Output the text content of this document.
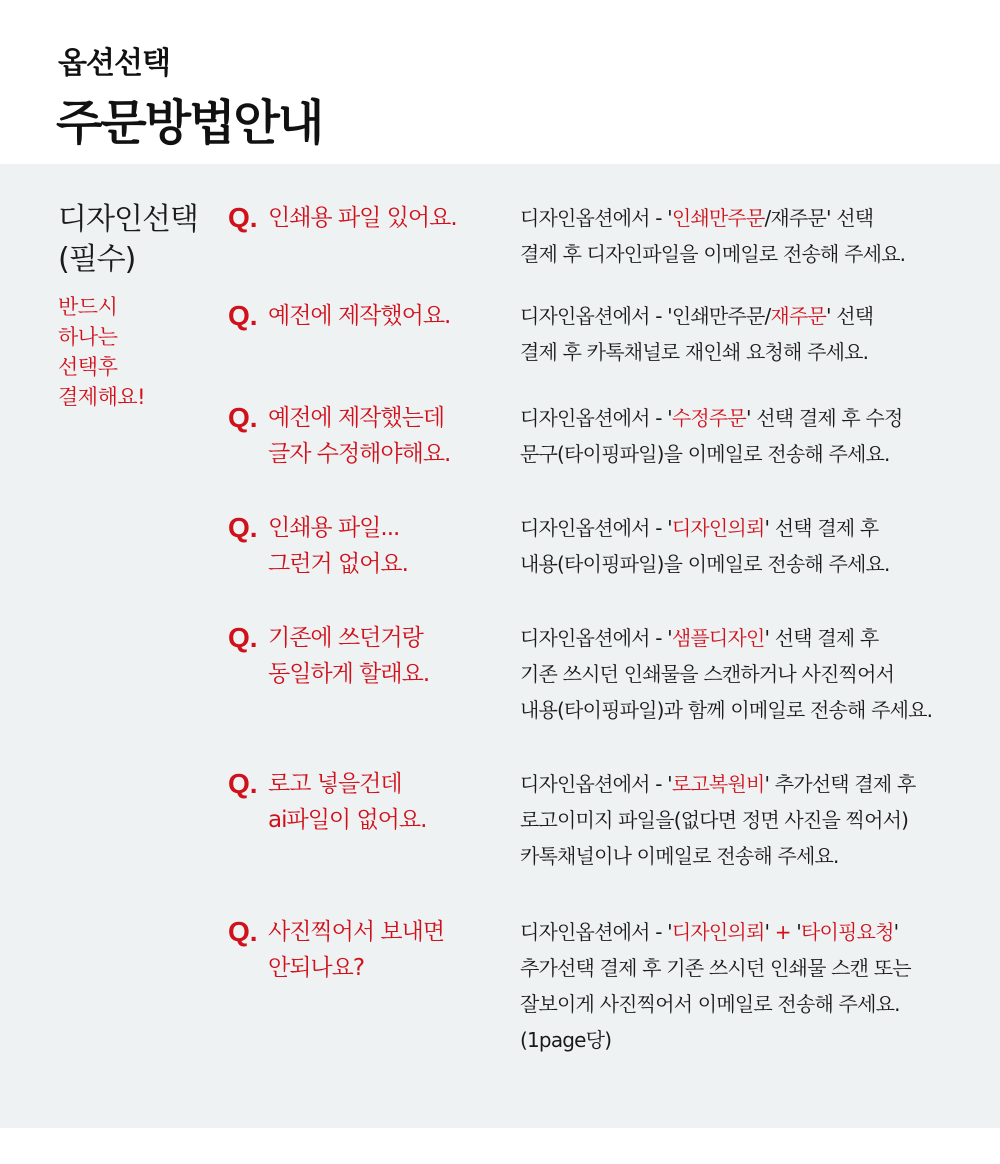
옵션선택
주문방법안내
디자인선택
(필수)
반드시
하나는
선택후
결제해요!
Q. 인쇄용 파일 있어요.	디자인옵션에서 - '인쇄만주문/재주문' 선택
결제 후 디자인파일을 이메일로 전송해 주세요.
Q. 예전에 제작했어요.	디자인옵션에서 - '인쇄만주문/재주문' 선택
결제 후 카톡채널로 재인쇄 요청해 주세요.
Q. 예전에 제작했는데
글자 수정해야해요.
디자인옵션에서 - '수정주문' 선택 결제 후 수정
문구(타이핑파일)을 이메일로 전송해 주세요.
Q. 인쇄용 파일...
그런거 없어요.
디자인옵션에서 - '디자인의뢰' 선택 결제 후
내용(타이핑파일)을 이메일로 전송해 주세요.
Q. 기존에 쓰던거랑
동일하게 할래요.
디자인옵션에서 - '샘플디자인' 선택 결제 후
기존 쓰시던 인쇄물을 스캔하거나 사진찍어서
내용(타이핑파일)과 함께 이메일로 전송해 주세요.
Q. 로고 넣을건데
ai파일이 없어요.
디자인옵션에서 - '로고복원비' 추가선택 결제 후
로고이미지 파일을(없다면 정면 사진을 찍어서)
카톡채널이나 이메일로 전송해 주세요.
Q. 사진찍어서 보내면
안되나요?
디자인옵션에서 - '디자인의뢰' + '타이핑요청'
추가선택 결제 후 기존 쓰시던 인쇄물 스캔 또는
잘보이게 사진찍어서 이메일로 전송해 주세요.
(1page당)
